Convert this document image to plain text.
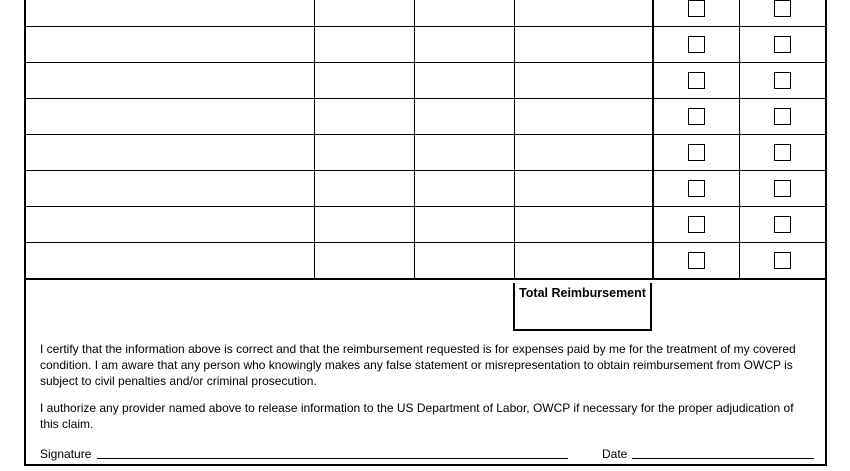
Total Reimbursement

I certify that the information above is correct and that the reimbursement requested is for expenses paid by me for the treatment of my covered condition. I am aware that any person who knowingly makes any false statement or misrepresentation to obtain reimbursement from OWCP is subject to civil penalties and/or criminal prosecution.

I authorize any provider named above to release information to the US Department of Labor, OWCP if necessary for the proper adjudication of this claim.

Signature	Date
